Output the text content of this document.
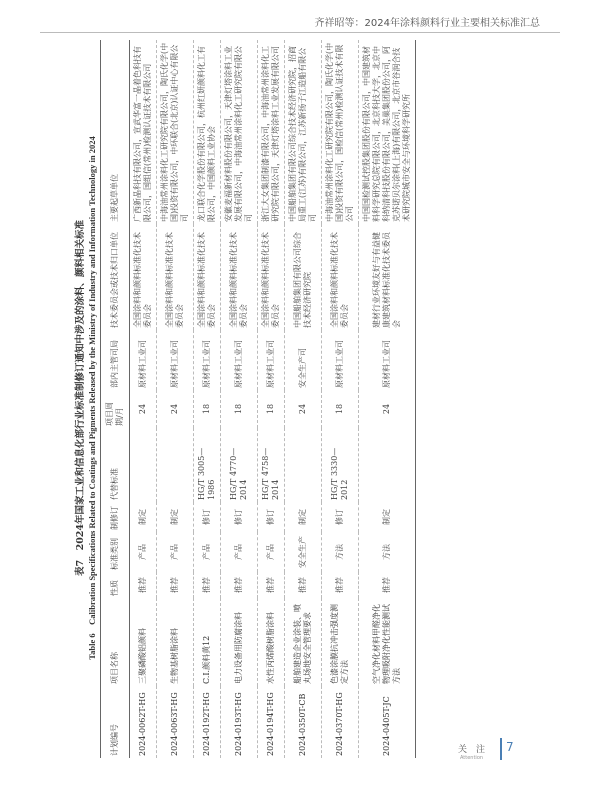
齐祥昭等：2024年涂料颜料行业主要相关标准汇总
表7　2024年国家工业和信息化部行业标准制修订通知中涉及的涂料、颜料相关标准 Table 6　Calibration Specifications Related to Coatings and Pigments Released by the Ministry of Industry and Information Technology in 2024
计划编号	项目名称	性质	标准类别	制修订	代替标准	项目周期/月	部内主管司局	技术委员会或技术归口单位	主要起草单位
2024-0062T-HG	三聚磷酸铝颜料	推荐	产品	制定		24	原材料工业司	全国涂料和颜料标准化技术委员会	广西新晶科技有限公司，宣武华富一晶着色科技有限公司，国组信(常州)检测认证技术有限公司
2024-0063T-HG	生物基树脂涂料	推荐	产品	制定		24	原材料工业司	全国涂料和颜料标准化技术委员会	中海油常州涂料化工研究院有限公司，陶氏化学(中国)投资有限公司，中环联合(北京)认证中心有限公司
2024-0192T-HG	C.I.颜料黄12	推荐	产品	修订	HG/T 3005—1986	18	原材料工业司	全国涂料和颜料标准化技术委员会	龙口联合化学股份有限公司，杭州红妍颜料化工有限公司，中国颜料工业协会
2024-0193T-HG	电力设备用防腐涂料	推荐	产品	修订	HG/T 4770—2014	18	原材料工业司	全国涂料和颜料标准化技术委员会	安徽麦福新材料股份有限公司，天津灯塔涂料工业发展有限公司，中海油常州涂料化工研究院有限公司
2024-0194T-HG	水性丙烯酸树脂涂料	推荐	产品	修订	HG/T 4758—2014	18	原材料工业司	全国涂料和颜料标准化技术委员会	浙江大女集团制漆有限公司，中海油常州涂料化工研究院有限公司，天津灯塔涂料工业发展有限公司
2024-0350T-CB	船舶建造企业涂装、喷丸场地安全管理要求	推荐	安全生产	制定		24	安全生产司	中国船舶集团有限公司综合技术经济研究院	中国船舶集团有限公司综合技术经济研究院，招商局重工(江苏)有限公司，江苏新扬子江造船有限公司
2024-0370T-HG	色漆涂膜抗冲击强度测定方法	推荐	方法	修订	HG/T 3330—2012	18	原材料工业司	全国涂料和颜料标准化技术委员会	中海油常州涂料化工研究院有限公司，陶氏化学(中国)投资有限公司，国检信(常州)检测认证技术有限公司
2024-0405T-JC	空气净化材料甲醛净化物理吸附净化性能测试方法	推荐	方法	制定		24	原材料工业司	建材行业环境友好与有益健康建筑材料标准化技术委员会	中国国检测试控股集团股份有限公司，中国建筑材料科学研究总院有限公司，北京科技大学，北京中科纳清科技股份有限公司，美巢集团股份公司，阿克苏诺贝尔涂料(上海)有限公司，北京市谷润合技术研究院城市安全与环境科学研究所
关　注
Attention
7
